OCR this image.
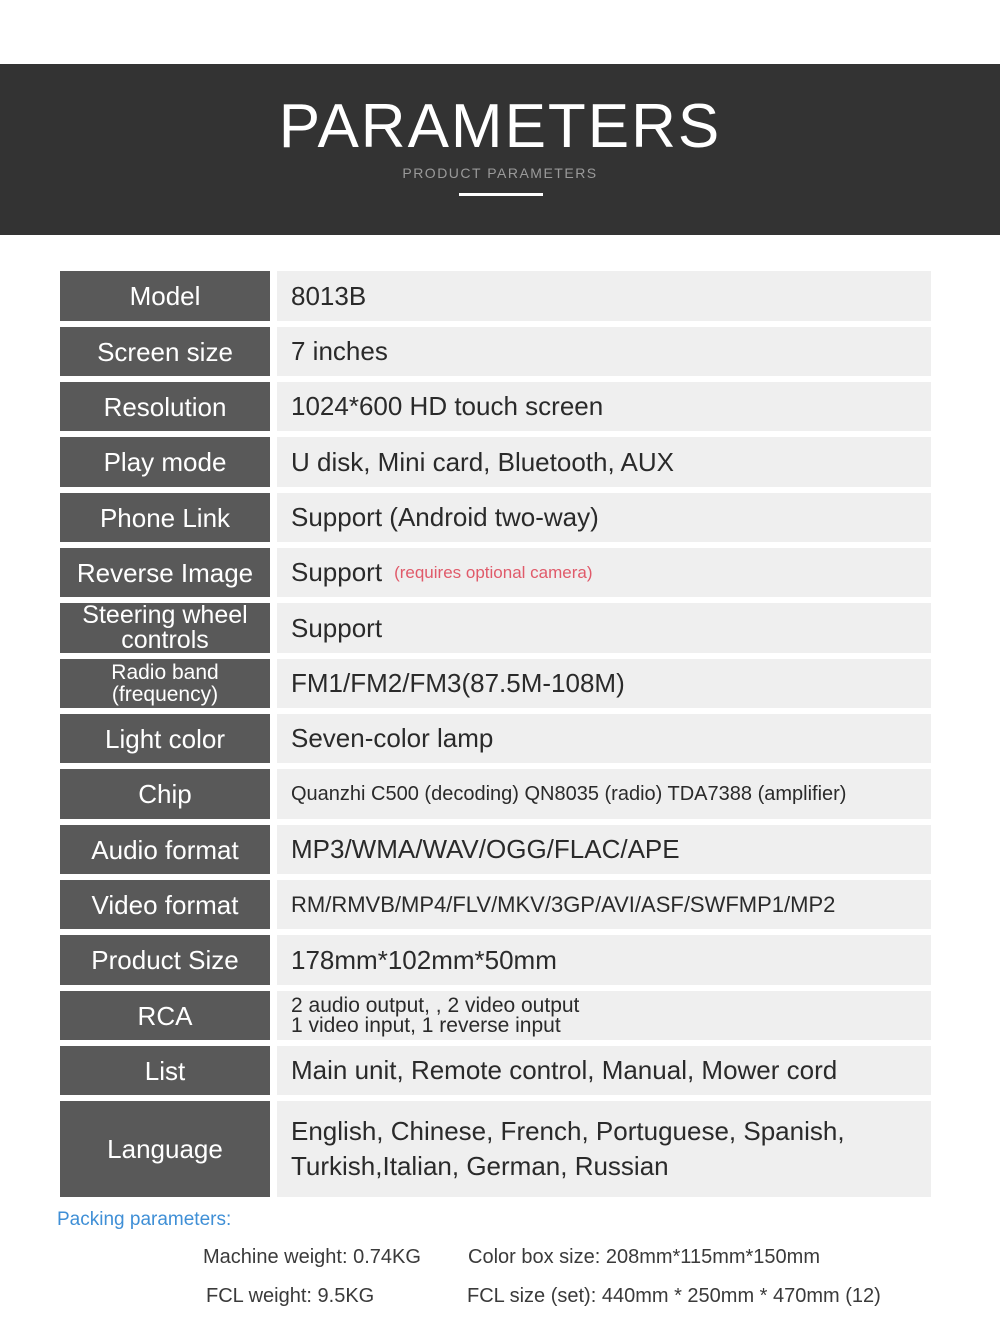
PARAMETERS
PRODUCT PARAMETERS
Model	8013B
Screen size	7 inches
Resolution	1024*600 HD touch screen
Play mode	U disk, Mini card, Bluetooth, AUX
Phone Link	Support (Android two-way)
Reverse Image	Support (requires optional camera)
Steering wheel
controls	Support
Radio band
(frequency)	FM1/FM2/FM3(87.5M-108M)
Light color	Seven-color lamp
Chip	Quanzhi C500 (decoding) QN8035 (radio) TDA7388 (amplifier)
Audio format	MP3/WMA/WAV/OGG/FLAC/APE
Video format	RM/RMVB/MP4/FLV/MKV/3GP/AVI/ASF/SWFMP1/MP2
Product Size	178mm*102mm*50mm
RCA	2 audio output, , 2 video output
1 video input, 1 reverse input
List	Main unit, Remote control, Manual, Mower cord
Language
English, Chinese, French, Portuguese, Spanish,
Turkish,Italian, German, Russian
Packing parameters:
Machine weight: 0.74KG Color box size: 208mm*115mm*150mm
FCL weight: 9.5KG	FCL size (set): 440mm * 250mm * 470mm (12)
